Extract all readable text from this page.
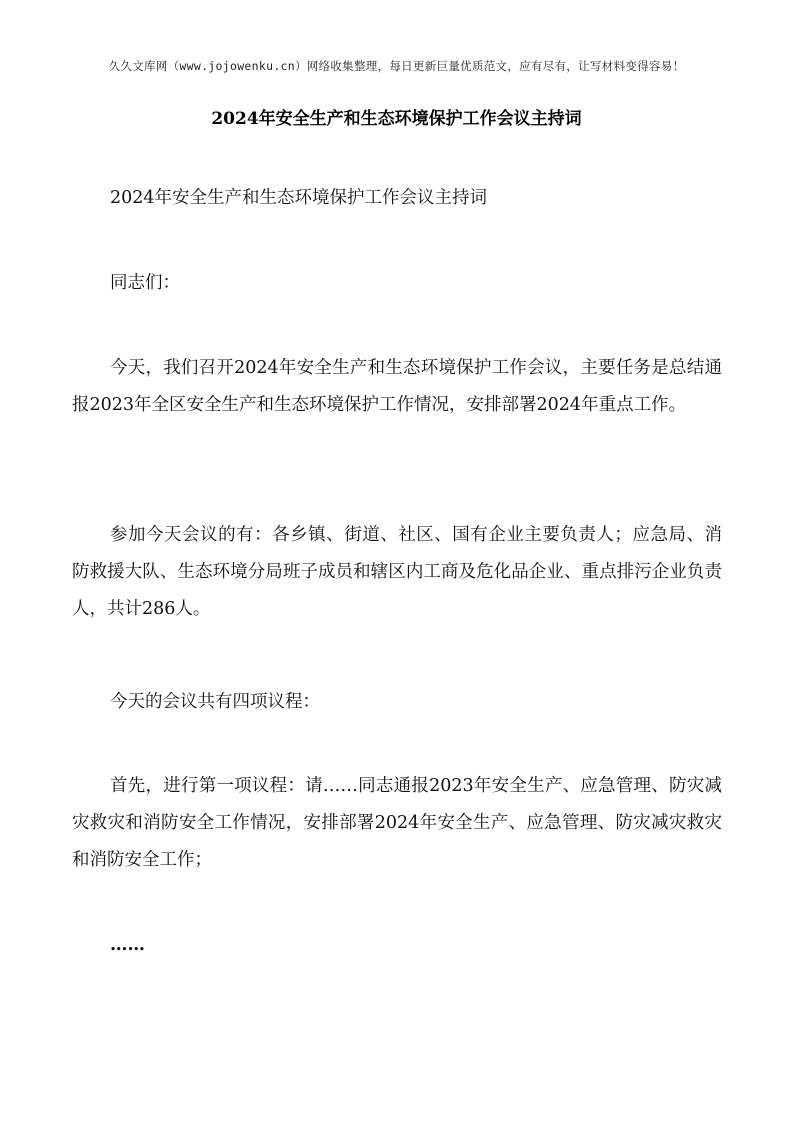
久久文库网（www.jojowenku.cn）网络收集整理，每日更新巨量优质范文，应有尽有，让写材料变得容易！
2024年安全生产和生态环境保护工作会议主持词

2024年安全生产和生态环境保护工作会议主持词

同志们：

今天，我们召开2024年安全生产和生态环境保护工作会议，主要任务是总结通报2023年全区安全生产和生态环境保护工作情况，安排部署2024年重点工作。

参加今天会议的有：各乡镇、街道、社区、国有企业主要负责人；应急局、消防救援大队、生态环境分局班子成员和辖区内工商及危化品企业、重点排污企业负责人，共计286人。

今天的会议共有四项议程：

首先，进行第一项议程：请……同志通报2023年安全生产、应急管理、防灾减灾救灾和消防安全工作情况，安排部署2024年安全生产、应急管理、防灾减灾救灾和消防安全工作；

……
